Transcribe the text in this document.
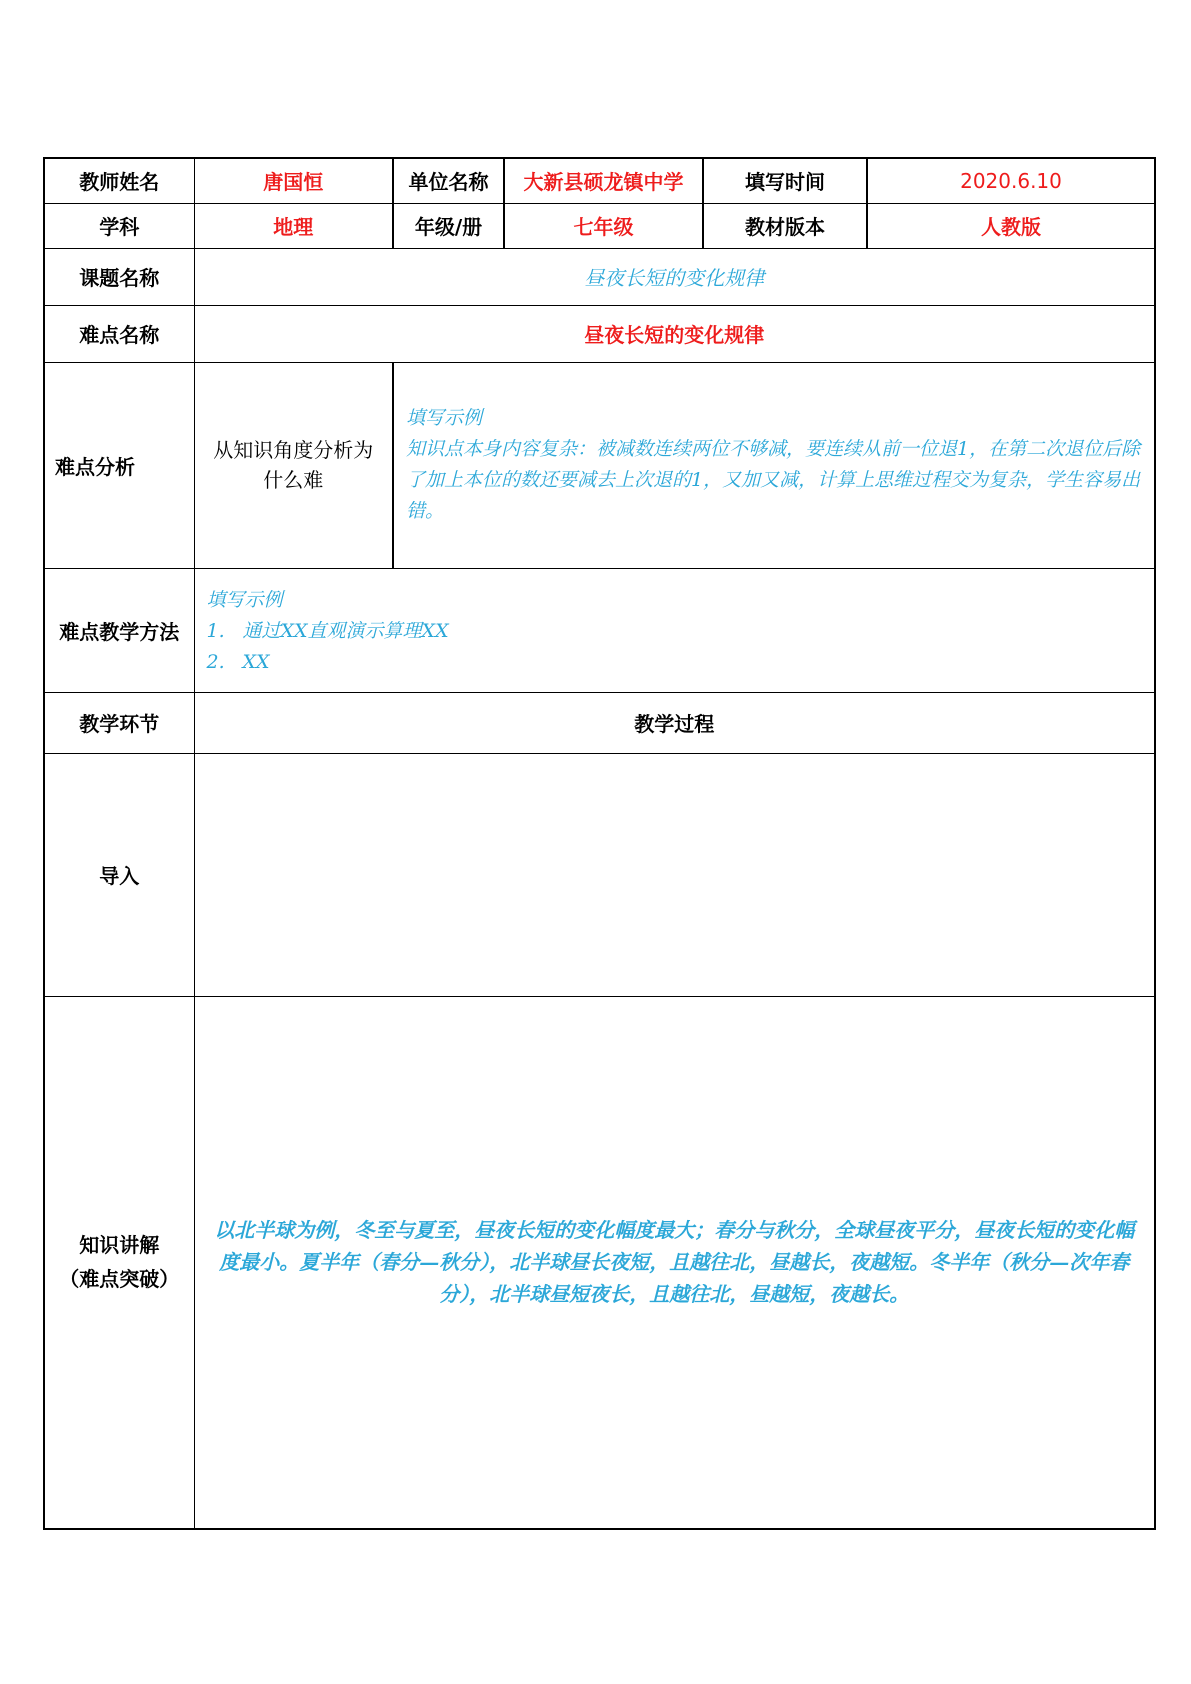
教师姓名	唐国恒	单位名称	大新县硕龙镇中学	填写时间	2020.6.10
学科	地理	年级/册	七年级	教材版本	人教版
课题名称	昼夜长短的变化规律				
难点名称	昼夜长短的变化规律				
难点分析	从知识角度分析为什么难	填写示例
知识点本身内容复杂：被减数连续两位不够减，要连续从前一位退1，在第二次退位后除了加上本位的数还要减去上次退的1，又加又减，计算上思维过程交为复杂，学生容易出错。			

难点教学方法	填写示例
1. 通过XX直观演示算理XX
2. XX				

教学环节	教学过程				
导入					

知识讲解
（难点突破）	以北半球为例，冬至与夏至，昼夜长短的变化幅度最大；春分与秋分，全球昼夜平分，昼夜长短的变化幅度最小。夏半年（春分—秋分），北半球昼长夜短，且越往北，昼越长，夜越短。冬半年（秋分—次年春分），北半球昼短夜长，且越往北，昼越短，夜越长。				
